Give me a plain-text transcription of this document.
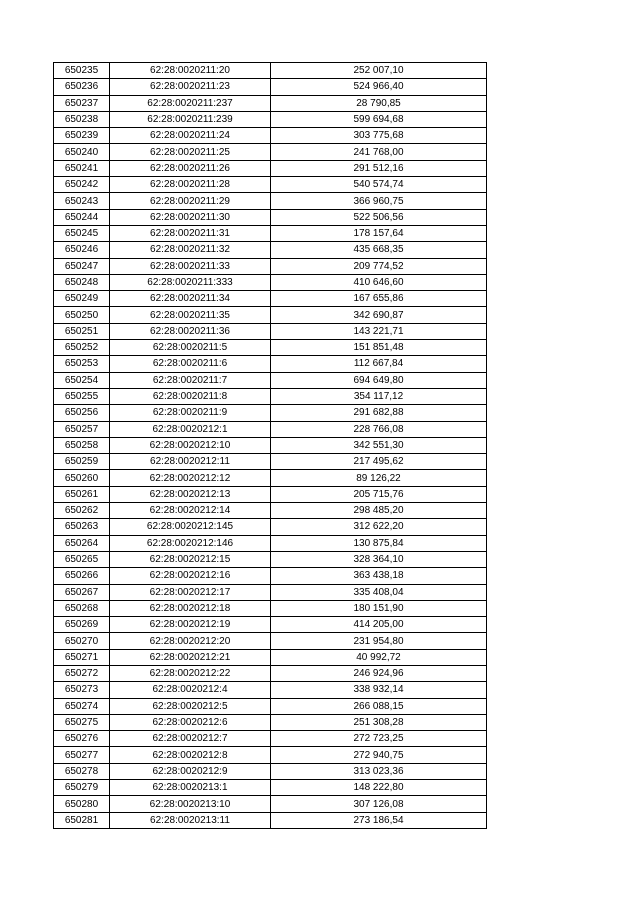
650235	62:28:0020211:20	252 007,10
650236	62:28:0020211:23	524 966,40
650237	62:28:0020211:237	28 790,85
650238	62:28:0020211:239	599 694,68
650239	62:28:0020211:24	303 775,68
650240	62:28:0020211:25	241 768,00
650241	62:28:0020211:26	291 512,16
650242	62:28:0020211:28	540 574,74
650243	62:28:0020211:29	366 960,75
650244	62:28:0020211:30	522 506,56
650245	62:28:0020211:31	178 157,64
650246	62:28:0020211:32	435 668,35
650247	62:28:0020211:33	209 774,52
650248	62:28:0020211:333	410 646,60
650249	62:28:0020211:34	167 655,86
650250	62:28:0020211:35	342 690,87
650251	62:28:0020211:36	143 221,71
650252	62:28:0020211:5	151 851,48
650253	62:28:0020211:6	112 667,84
650254	62:28:0020211:7	694 649,80
650255	62:28:0020211:8	354 117,12
650256	62:28:0020211:9	291 682,88
650257	62:28:0020212:1	228 766,08
650258	62:28:0020212:10	342 551,30
650259	62:28:0020212:11	217 495,62
650260	62:28:0020212:12	89 126,22
650261	62:28:0020212:13	205 715,76
650262	62:28:0020212:14	298 485,20
650263	62:28:0020212:145	312 622,20
650264	62:28:0020212:146	130 875,84
650265	62:28:0020212:15	328 364,10
650266	62:28:0020212:16	363 438,18
650267	62:28:0020212:17	335 408,04
650268	62:28:0020212:18	180 151,90
650269	62:28:0020212:19	414 205,00
650270	62:28:0020212:20	231 954,80
650271	62:28:0020212:21	40 992,72
650272	62:28:0020212:22	246 924,96
650273	62:28:0020212:4	338 932,14
650274	62:28:0020212:5	266 088,15
650275	62:28:0020212:6	251 308,28
650276	62:28:0020212:7	272 723,25
650277	62:28:0020212:8	272 940,75
650278	62:28:0020212:9	313 023,36
650279	62:28:0020213:1	148 222,80
650280	62:28:0020213:10	307 126,08
650281	62:28:0020213:11	273 186,54
